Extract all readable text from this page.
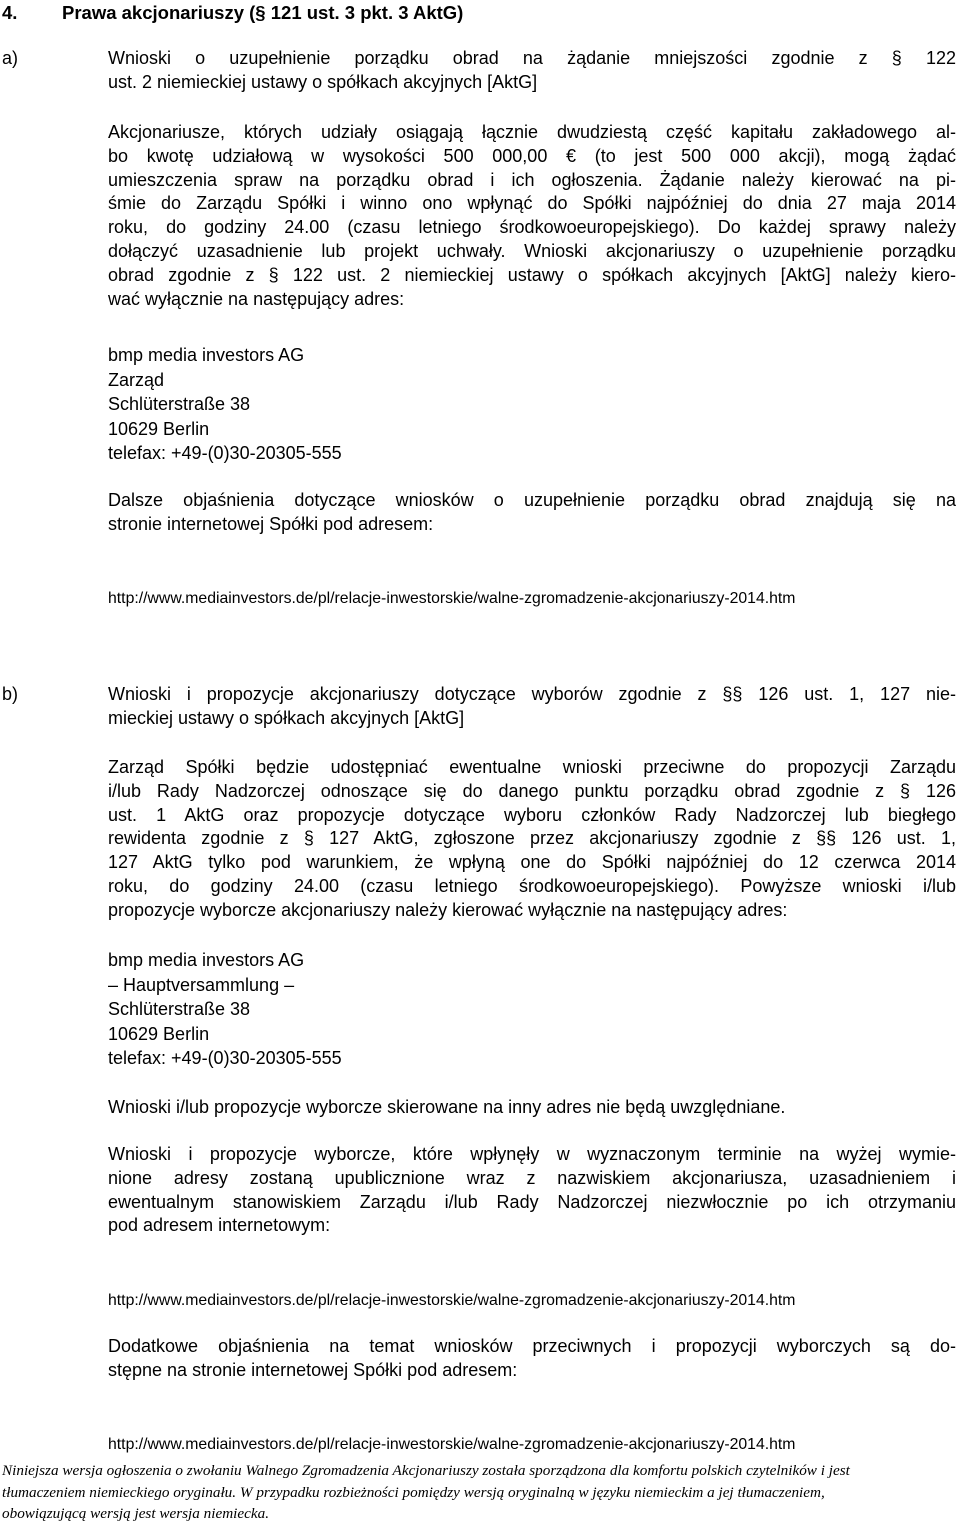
4. Prawa akcjonariuszy (§ 121 ust. 3 pkt. 3 AktG)
a)	Wnioski o uzupełnienie porządku obrad na żądanie mniejszości zgodnie z § 122
ust. 2 niemieckiej ustawy o spółkach akcyjnych [AktG]
Akcjonariusze, których udziały osiągają łącznie dwudziestą część kapitału zakładowego al-
bo kwotę udziałową w wysokości 500 000,00 € (to jest 500 000 akcji), mogą żądać
umieszczenia spraw na porządku obrad i ich ogłoszenia. Żądanie należy kierować na pi-
śmie do Zarządu Spółki i winno ono wpłynąć do Spółki najpóźniej do dnia 27 maja 2014
roku, do godziny 24.00 (czasu letniego środkowoeuropejskiego). Do każdej sprawy należy
dołączyć uzasadnienie lub projekt uchwały. Wnioski akcjonariuszy o uzupełnienie porządku
obrad zgodnie z § 122 ust. 2 niemieckiej ustawy o spółkach akcyjnych [AktG] należy kiero-
wać wyłącznie na następujący adres:
bmp media investors AG
Zarząd
Schlüterstraße 38
10629 Berlin
telefax: +49-(0)30-20305-555
Dalsze objaśnienia dotyczące wniosków o uzupełnienie porządku obrad znajdują się na
stronie internetowej Spółki pod adresem:
http://www.mediainvestors.de/pl/relacje-inwestorskie/walne-zgromadzenie-akcjonariuszy-2014.htm
b)	Wnioski i propozycje akcjonariuszy dotyczące wyborów zgodnie z §§ 126 ust. 1, 127 nie-
mieckiej ustawy o spółkach akcyjnych [AktG]
Zarząd Spółki będzie udostępniać ewentualne wnioski przeciwne do propozycji Zarządu
i/lub Rady Nadzorczej odnoszące się do danego punktu porządku obrad zgodnie z § 126
ust. 1 AktG oraz propozycje dotyczące wyboru członków Rady Nadzorczej lub biegłego
rewidenta zgodnie z § 127 AktG, zgłoszone przez akcjonariuszy zgodnie z §§ 126 ust. 1,
127 AktG tylko pod warunkiem, że wpłyną one do Spółki najpóźniej do 12 czerwca 2014
roku, do godziny 24.00 (czasu letniego środkowoeuropejskiego). Powyższe wnioski i/lub
propozycje wyborcze akcjonariuszy należy kierować wyłącznie na następujący adres:
bmp media investors AG
– Hauptversammlung –
Schlüterstraße 38
10629 Berlin
telefax: +49-(0)30-20305-555
Wnioski i/lub propozycje wyborcze skierowane na inny adres nie będą uwzględniane.
Wnioski i propozycje wyborcze, które wpłynęły w wyznaczonym terminie na wyżej wymie-
nione adresy zostaną upublicznione wraz z nazwiskiem akcjonariusza, uzasadnieniem i
ewentualnym stanowiskiem Zarządu i/lub Rady Nadzorczej niezwłocznie po ich otrzymaniu
pod adresem internetowym:
http://www.mediainvestors.de/pl/relacje-inwestorskie/walne-zgromadzenie-akcjonariuszy-2014.htm
Dodatkowe objaśnienia na temat wniosków przeciwnych i propozycji wyborczych są do-
stępne na stronie internetowej Spółki pod adresem:
http://www.mediainvestors.de/pl/relacje-inwestorskie/walne-zgromadzenie-akcjonariuszy-2014.htm
Niniejsza wersja ogłoszenia o zwołaniu Walnego Zgromadzenia Akcjonariuszy została sporządzona dla komfortu polskich czytelników i jest
tłumaczeniem niemieckiego oryginału. W przypadku rozbieżności pomiędzy wersją oryginalną w języku niemieckim a jej tłumaczeniem,
obowiązującą wersją jest wersja niemiecka.
